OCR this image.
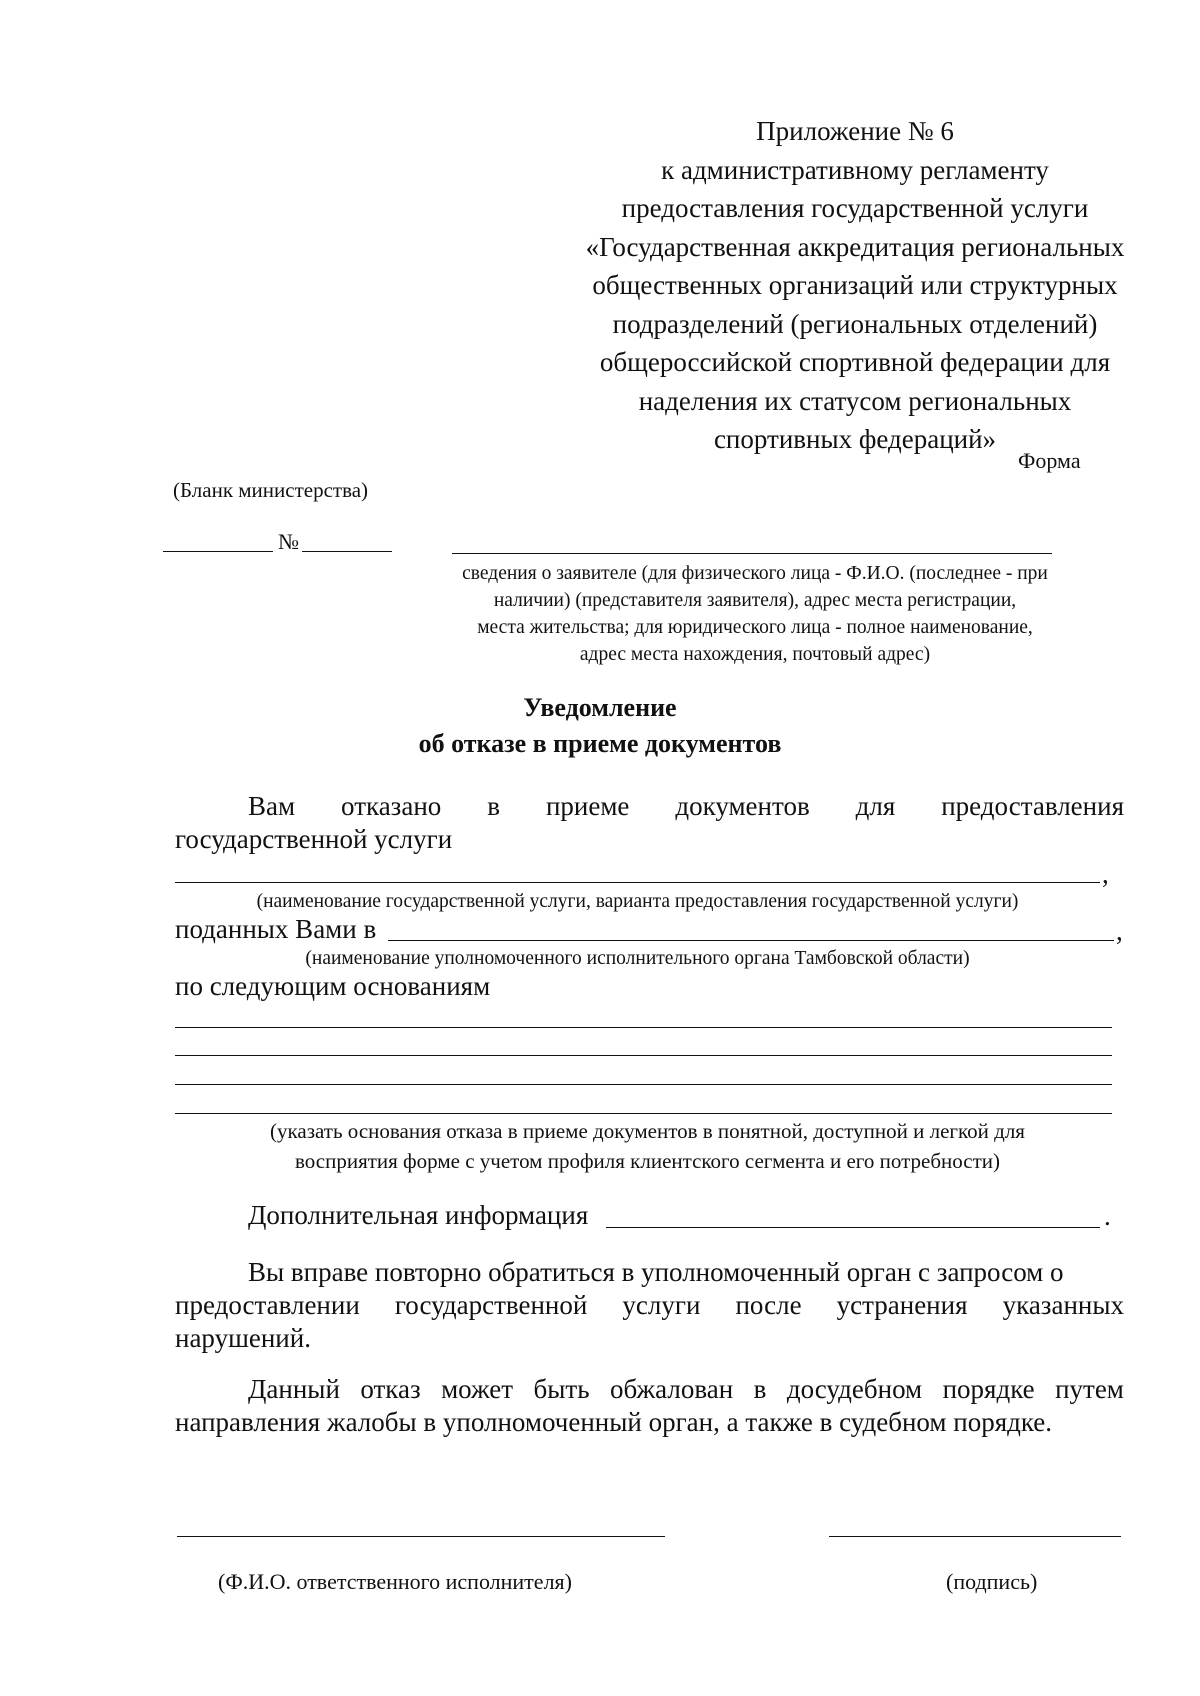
Приложение № 6
к административному регламенту
предоставления государственной услуги
«Государственная аккредитация региональных
общественных организаций или структурных
подразделений (региональных отделений)
общероссийской спортивной федерации для
наделения их статусом региональных
спортивных федераций»
Форма
(Бланк министерства)
№
сведения о заявителе (для физического лица - Ф.И.О. (последнее - при
наличии) (представителя заявителя), адрес места регистрации,
места жительства; для юридического лица - полное наименование,
адрес места нахождения, почтовый адрес)
Уведомление
об отказе в приеме документов
Вам отказано в приеме документов для предоставления
государственной услуги
,
(наименование государственной услуги, варианта предоставления государственной услуги)
поданных Вами в	,
(наименование уполномоченного исполнительного органа Тамбовской области)
по следующим основаниям
(указать основания отказа в приеме документов в понятной, доступной и легкой для
восприятия форме с учетом профиля клиентского сегмента и его потребности)
Дополнительная информация	.
Вы вправе повторно обратиться в уполномоченный орган с запросом о
предоставлении государственной услуги после устранения указанных
нарушений.
Данный отказ может быть обжалован в досудебном порядке путем
направления жалобы в уполномоченный орган, а также в судебном порядке.
(Ф.И.О. ответственного исполнителя)	(подпись)
